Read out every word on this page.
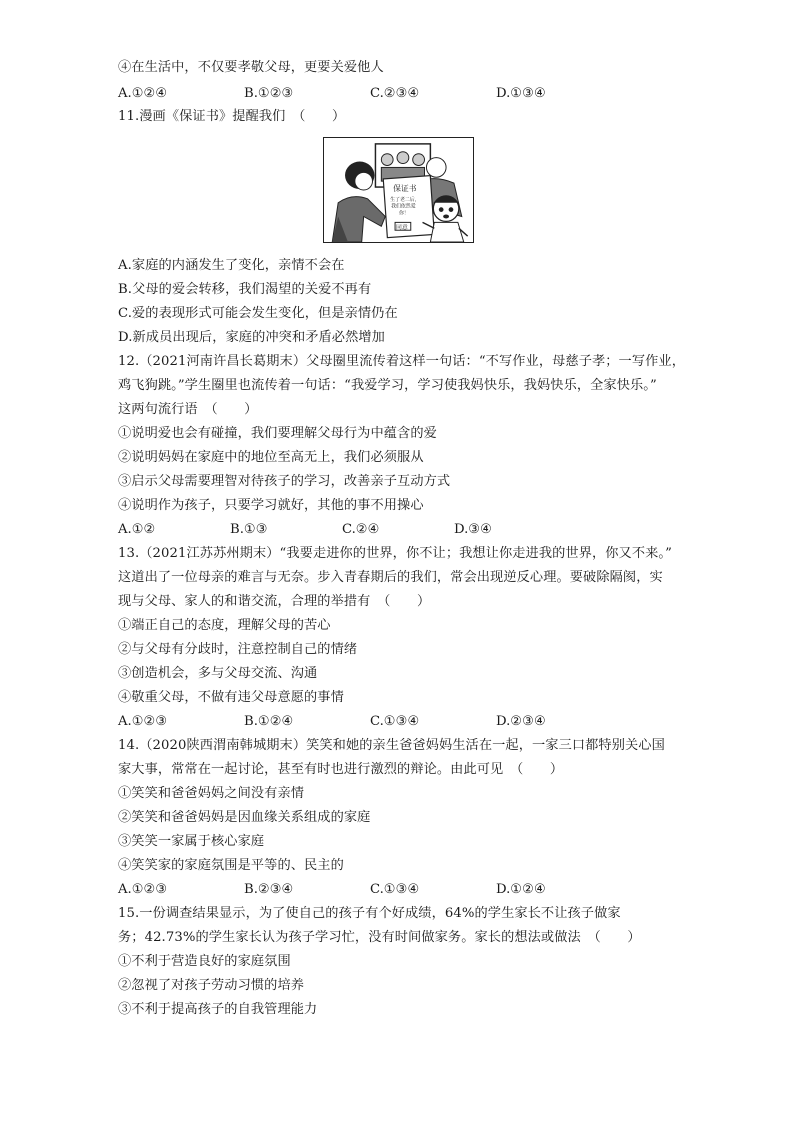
④在生活中，不仅要孝敬父母，更要关爱他人
A.①②④	B.①②③	C.②③④	D.①③④
11.漫画《保证书》提醒我们　（　　）
保证书
生了老二后，
我们依然爱
你！
同意
A.家庭的内涵发生了变化，亲情不会在
B.父母的爱会转移，我们渴望的关爱不再有
C.爱的表现形式可能会发生变化，但是亲情仍在
D.新成员出现后，家庭的冲突和矛盾必然增加
12.（2021河南许昌长葛期末）父母圈里流传着这样一句话：“不写作业，母慈子孝；一写作业，
鸡飞狗跳。”学生圈里也流传着一句话：“我爱学习，学习使我妈快乐，我妈快乐，全家快乐。”
这两句流行语　（　　）
①说明爱也会有碰撞，我们要理解父母行为中蕴含的爱
②说明妈妈在家庭中的地位至高无上，我们必须服从
③启示父母需要理智对待孩子的学习，改善亲子互动方式
④说明作为孩子，只要学习就好，其他的事不用操心
A.①②	B.①③	C.②④	D.③④
13.（2021江苏苏州期末）“我要走进你的世界，你不让；我想让你走进我的世界，你又不来。”
这道出了一位母亲的难言与无奈。步入青春期后的我们，常会出现逆反心理。要破除隔阂，实
现与父母、家人的和谐交流，合理的举措有　（　　）
①端正自己的态度，理解父母的苦心
②与父母有分歧时，注意控制自己的情绪
③创造机会，多与父母交流、沟通
④敬重父母，不做有违父母意愿的事情
A.①②③	B.①②④	C.①③④	D.②③④
14.（2020陕西渭南韩城期末）笑笑和她的亲生爸爸妈妈生活在一起，一家三口都特别关心国
家大事，常常在一起讨论，甚至有时也进行激烈的辩论。由此可见　（　　）
①笑笑和爸爸妈妈之间没有亲情
②笑笑和爸爸妈妈是因血缘关系组成的家庭
③笑笑一家属于核心家庭
④笑笑家的家庭氛围是平等的、民主的
A.①②③	B.②③④	C.①③④	D.①②④
15.一份调查结果显示，为了使自己的孩子有个好成绩，64%的学生家长不让孩子做家
务；42.73%的学生家长认为孩子学习忙，没有时间做家务。家长的想法或做法　（　　）
①不利于营造良好的家庭氛围
②忽视了对孩子劳动习惯的培养
③不利于提高孩子的自我管理能力
